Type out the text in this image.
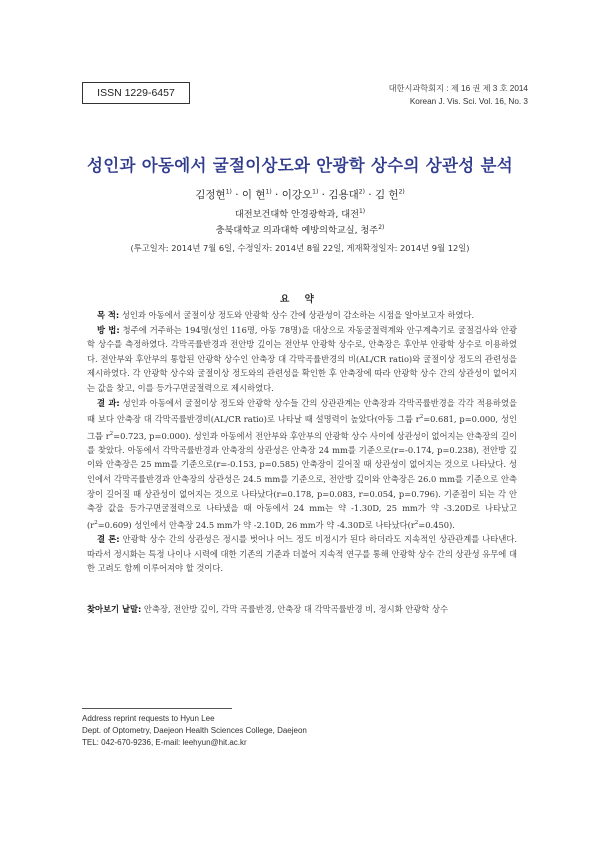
ISSN 1229-6457	대한시과학회지 : 제 16 권 제 3 호 2014
Korean J. Vis. Sci. Vol. 16, No. 3
성인과 아동에서 굴절이상도와 안광학 상수의 상관성 분석
김정현$^{1)}$ · 이 현$^{1)}$ · 이강오$^{1)}$ · 김용대$^{2)}$ · 김 헌$^{2)}$
대전보건대학 안경광학과, 대전$^{1)}$
충북대학교 의과대학 예방의학교실, 청주$^{2)}$
(투고일자: 2014년 7월 6일, 수정일자: 2014년 8월 22일, 게재확정일자: 2014년 9월 12일)
요 약

목 적: 성인과 아동에서 굴절이상 정도와 안광학 상수 간에 상관성이 감소하는 시점을 알아보고자 하였다.

방 법: 청주에 거주하는 194명(성인 116명, 아동 78명)을 대상으로 자동굴절력계와 안구계측기로 굴절검사와 안광학 상수를 측정하였다. 각막곡률반경과 전안방 깊이는 전안부 안광학 상수로, 안축장은 후안부 안광학 상수로 이용하였다. 전안부와 후안부의 통합된 안광학 상수인 안축장 대 각막곡률반경의 비(AL/CR ratio)와 굴절이상 정도의 관련성을 제시하였다. 각 안광학 상수와 굴절이상 정도와의 관련성을 확인한 후 안축장에 따라 안광학 상수 간의 상관성이 없어지는 값을 찾고, 이를 등가구면굴절력으로 제시하였다.

결 과: 성인과 아동에서 굴절이상 정도와 안광학 상수들 간의 상관관계는 안축장과 각막곡률반경을 각각 적용하였을 때 보다 안축장 대 각막곡률반경비(AL/CR ratio)로 나타날 때 설명력이 높았다(아동 그룹 $r^2=0.681$, p=0.000, 성인 그룹 $r^2=0.723$, p=0.000). 성인과 아동에서 전안부와 후안부의 안광학 상수 사이에 상관성이 없어지는 안축장의 길이를 찾았다. 아동에서 각막곡률반경과 안축장의 상관성은 안축장 24 mm를 기준으로(r=-0.174, p=0.238), 전안방 깊이와 안축장은 25 mm를 기준으로(r=-0.153, p=0.585) 안축장이 길어질 때 상관성이 없어지는 것으로 나타났다. 성인에서 각막곡률반경과 안축장의 상관성은 24.5 mm를 기준으로, 전안방 깊이와 안축장은 26.0 mm를 기준으로 안축장이 길어질 때 상관성이 없어지는 것으로 나타났다(r=0.178, p=0.083, r=0.054, p=0.796). 기준점이 되는 각 안축장 값을 등가구면굴절력으로 나타냈을 때 아동에서 24 mm는 약 -1.30D, 25 mm가 약 -3.20D로 나타났고$(r^2=0.609)$ 성인에서 안축장 24.5 mm가 약 -2.10D, 26 mm가 약 -4.30D로 나타났다$(r^2=0.450)$.

결 론: 안광학 상수 간의 상관성은 정시를 벗어나 어느 정도 비정시가 된다 하더라도 지속적인 상관관계를 나타낸다. 따라서 정시화는 특정 나이나 시력에 대한 기존의 기준과 더불어 지속적 연구를 통해 안광학 상수 간의 상관성 유무에 대한 고려도 함께 이루어져야 할 것이다.

찾아보기 낱말: 안축장, 전안방 깊이, 각막 곡률반경, 안축장 대 각막곡률반경 비, 정시화 안광학 상수
Address reprint requests to Hyun Lee
Dept. of Optometry, Daejeon Health Sciences College, Daejeon
TEL: 042-670-9236, E-mail: leehyun@hit.ac.kr
